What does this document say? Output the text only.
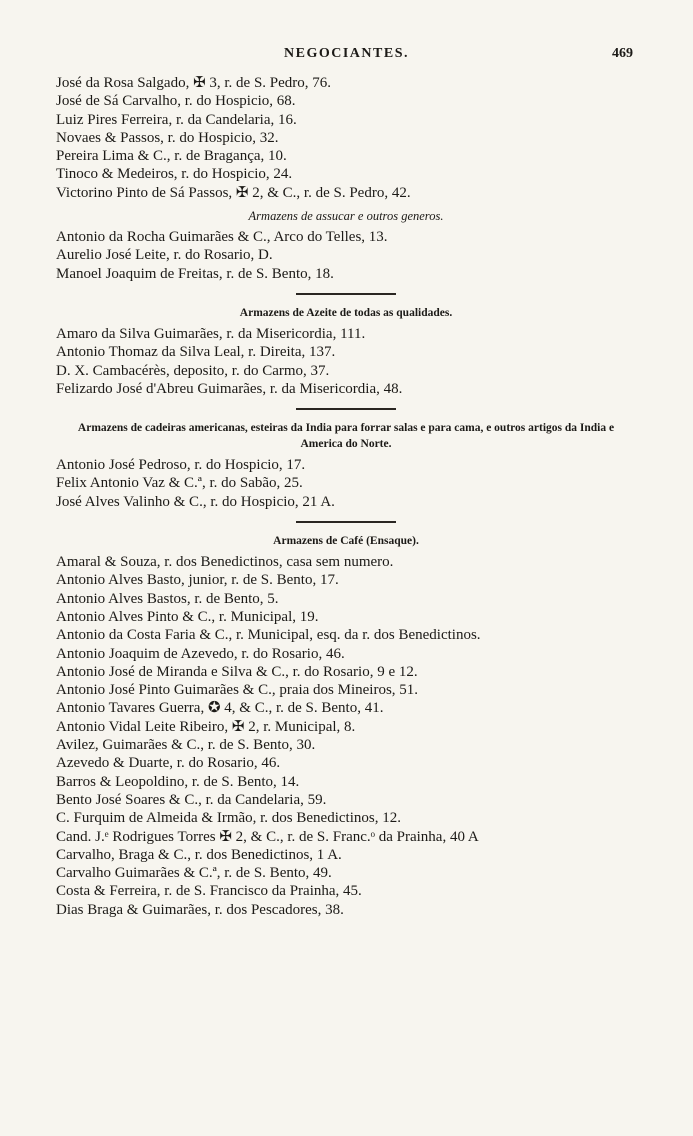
NEGOCIANTES.	469
José da Rosa Salgado, ✠ 3, r. de S. Pedro, 76.
José de Sá Carvalho, r. do Hospicio, 68.
Luiz Pires Ferreira, r. da Candelaria, 16.
Novaes & Passos, r. do Hospicio, 32.
Pereira Lima & C., r. de Bragança, 10.
Tinoco & Medeiros, r. do Hospicio, 24.
Victorino Pinto de Sá Passos, ✠ 2, & C., r. de S. Pedro, 42.
Armazens de assucar e outros generos.
Antonio da Rocha Guimarães & C., Arco do Telles, 13.
Aurelio José Leite, r. do Rosario, D.
Manoel Joaquim de Freitas, r. de S. Bento, 18.
Armazens de Azeite de todas as qualidades.
Amaro da Silva Guimarães, r. da Misericordia, 111.
Antonio Thomaz da Silva Leal, r. Direita, 137.
D. X. Cambacérès, deposito, r. do Carmo, 37.
Felizardo José d'Abreu Guimarães, r. da Misericordia, 48.
Armazens de cadeiras americanas, esteiras da India para forrar salas e para cama, e outros artigos da India e America do Norte.
Antonio José Pedroso, r. do Hospicio, 17.
Felix Antonio Vaz & C.ª, r. do Sabão, 25.
José Alves Valinho & C., r. do Hospicio, 21 A.
Armazens de Café (Ensaque).
Amaral & Souza, r. dos Benedictinos, casa sem numero.
Antonio Alves Basto, junior, r. de S. Bento, 17.
Antonio Alves Bastos, r. de Bento, 5.
Antonio Alves Pinto & C., r. Municipal, 19.
Antonio da Costa Faria & C., r. Municipal, esq. da r. dos Benedictinos.
Antonio Joaquim de Azevedo, r. do Rosario, 46.
Antonio José de Miranda e Silva & C., r. do Rosario, 9 e 12.
Antonio José Pinto Guimarães & C., praia dos Mineiros, 51.
Antonio Tavares Guerra, ✪ 4, & C., r. de S. Bento, 41.
Antonio Vidal Leite Ribeiro, ✠ 2, r. Municipal, 8.
Avilez, Guimarães & C., r. de S. Bento, 30.
Azevedo & Duarte, r. do Rosario, 46.
Barros & Leopoldino, r. de S. Bento, 14.
Bento José Soares & C., r. da Candelaria, 59.
C. Furquim de Almeida & Irmão, r. dos Benedictinos, 12.
Cand. J.ᵉ Rodrigues Torres ✠ 2, & C., r. de S. Franc.ᵒ da Prainha, 40 A
Carvalho, Braga & C., r. dos Benedictinos, 1 A.
Carvalho Guimarães & C.ª, r. de S. Bento, 49.
Costa & Ferreira, r. de S. Francisco da Prainha, 45.
Dias Braga & Guimarães, r. dos Pescadores, 38.
